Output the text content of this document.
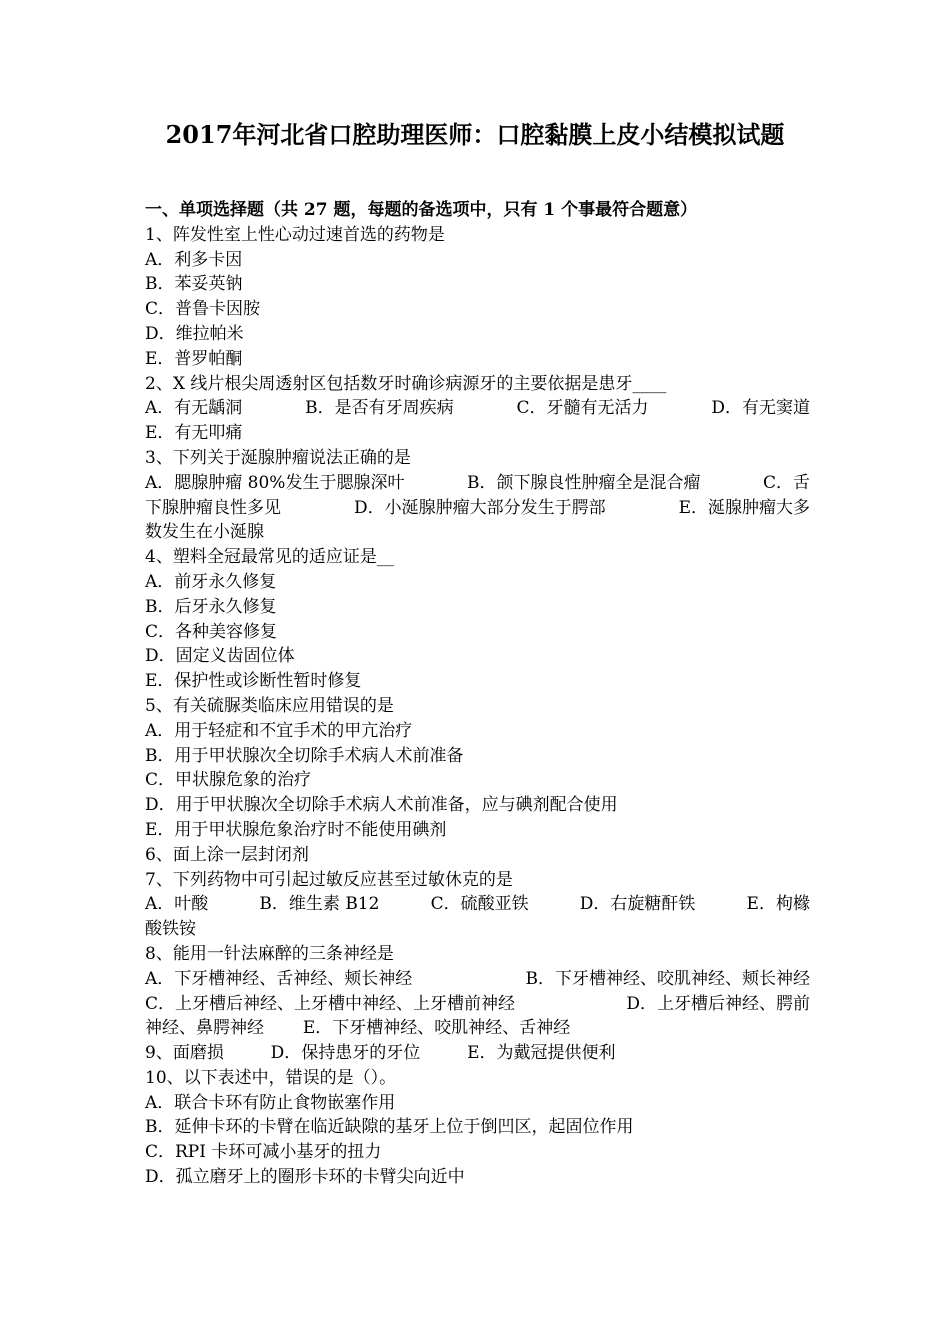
2017年河北省口腔助理医师：口腔黏膜上皮小结模拟试题
一、单项选择题（共 27 题，每题的备选项中，只有 1 个事最符合题意）
1、阵发性室上性心动过速首选的药物是
A．利多卡因
B．苯妥英钠
C．普鲁卡因胺
D．维拉帕米
E．普罗帕酮
2、X 线片根尖周透射区包括数牙时确诊病源牙的主要依据是患牙____
A．有无龋洞	B．是否有牙周疾病	C．牙髓有无活力	D．有无窦道
E．有无叩痛
3、下列关于涎腺肿瘤说法正确的是
A．腮腺肿瘤 80%发生于腮腺深叶	B．颌下腺良性肿瘤全是混合瘤	C．舌
下腺肿瘤良性多见	D．小涎腺肿瘤大部分发生于腭部	E．涎腺肿瘤大多
数发生在小涎腺
4、塑料全冠最常见的适应证是__
A．前牙永久修复
B．后牙永久修复
C．各种美容修复
D．固定义齿固位体
E．保护性或诊断性暂时修复
5、有关硫脲类临床应用错误的是
A．用于轻症和不宜手术的甲亢治疗
B．用于甲状腺次全切除手术病人术前准备
C．甲状腺危象的治疗
D．用于甲状腺次全切除手术病人术前准备，应与碘剂配合使用
E．用于甲状腺危象治疗时不能使用碘剂
6、面上涂一层封闭剂
7、下列药物中可引起过敏反应甚至过敏休克的是
A．叶酸	B．维生素 B12	C．硫酸亚铁	D．右旋糖酐铁	E．枸橼
酸铁铵
8、能用一针法麻醉的三条神经是
A．下牙槽神经、舌神经、颊长神经	B．下牙槽神经、咬肌神经、颊长神经
C．上牙槽后神经、上牙槽中神经、上牙槽前神经	D．上牙槽后神经、腭前
神经、鼻腭神经 E．下牙槽神经、咬肌神经、舌神经
9、面磨损	D．保持患牙的牙位	E．为戴冠提供便利
10、以下表述中，错误的是（）。
A．联合卡环有防止食物嵌塞作用
B．延伸卡环的卡臂在临近缺隙的基牙上位于倒凹区，起固位作用
C．RPI 卡环可减小基牙的扭力
D．孤立磨牙上的圈形卡环的卡臂尖向近中
